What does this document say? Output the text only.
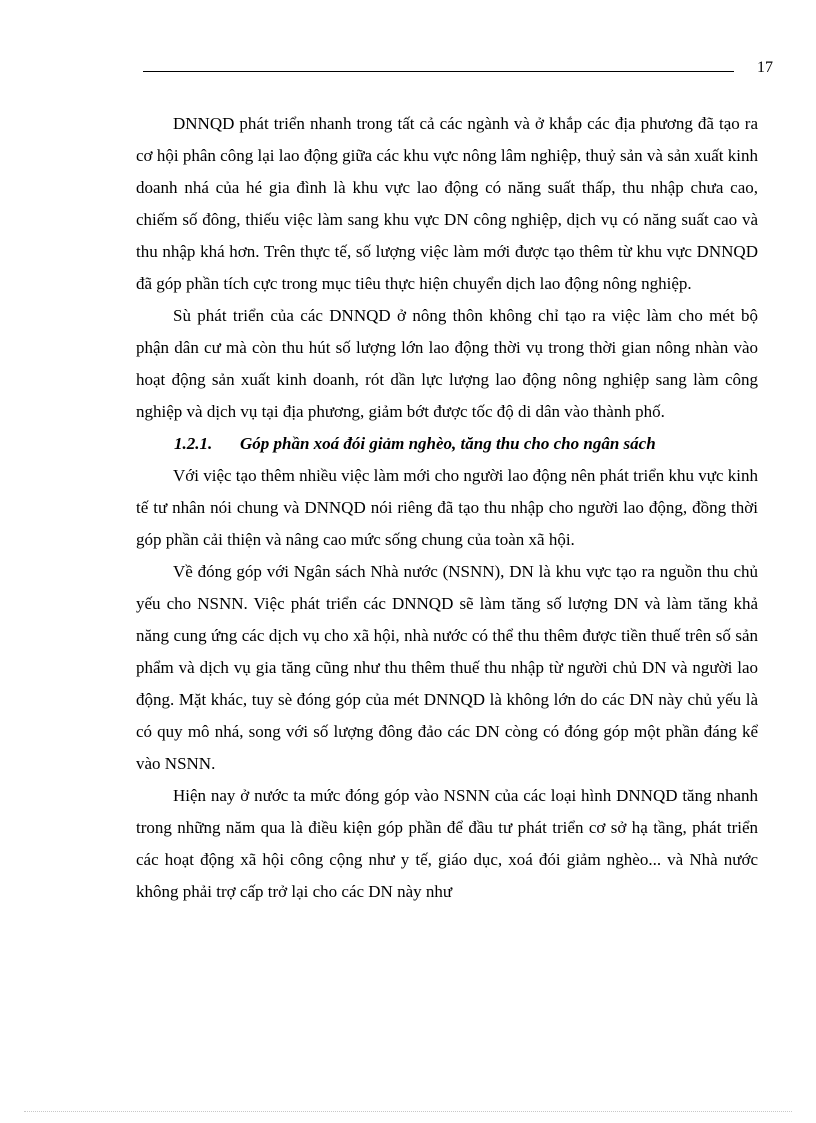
17

DNNQD phát triển nhanh trong tất cả các ngành và ở khắp các địa phương đã tạo ra cơ hội phân công lại lao động giữa các khu vực nông lâm nghiệp, thuỷ sản và sản xuất kinh doanh nhá của hé gia đình là khu vực lao động có năng suất thấp, thu nhập chưa cao, chiếm số đông, thiếu việc làm sang khu vực DN công nghiệp, dịch vụ có năng suất cao và thu nhập khá hơn. Trên thực tế, số lượng việc làm mới được tạo thêm từ khu vực DNNQD đã góp phần tích cực trong mục tiêu thực hiện chuyển dịch lao động nông nghiệp.

Sù phát triển của các DNNQD ở nông thôn không chỉ tạo ra việc làm cho mét bộ phận dân cư mà còn thu hút số lượng lớn lao động thời vụ trong thời gian nông nhàn vào hoạt động sản xuất kinh doanh, rót dần lực lượng lao động nông nghiệp sang làm công nghiệp và dịch vụ tại địa phương, giảm bớt được tốc độ di dân vào thành phố.

1.2.1. Góp phần xoá đói giảm nghèo, tăng thu cho cho ngân sách

Với việc tạo thêm nhiều việc làm mới cho người lao động nên phát triển khu vực kinh tế tư nhân nói chung và DNNQD nói riêng đã tạo thu nhập cho người lao động, đồng thời góp phần cải thiện và nâng cao mức sống chung của toàn xã hội.

Về đóng góp với Ngân sách Nhà nước (NSNN), DN là khu vực tạo ra nguồn thu chủ yếu cho NSNN. Việc phát triển các DNNQD sẽ làm tăng số lượng DN và làm tăng khả năng cung ứng các dịch vụ cho xã hội, nhà nước có thể thu thêm được tiền thuế trên số sản phẩm và dịch vụ gia tăng cũng như thu thêm thuế thu nhập từ người chủ DN và người lao động. Mặt khác, tuy sè đóng góp của mét DNNQD là không lớn do các DN này chủ yếu là có quy mô nhá, song với số lượng đông đảo các DN còng có đóng góp một phần đáng kể vào NSNN.

Hiện nay ở nước ta mức đóng góp vào NSNN của các loại hình DNNQD tăng nhanh trong những năm qua là điều kiện góp phần để đầu tư phát triển cơ sở hạ tầng, phát triển các hoạt động xã hội công cộng như y tế, giáo dục, xoá đói giảm nghèo... và Nhà nước không phải trợ cấp trở lại cho các DN này như
